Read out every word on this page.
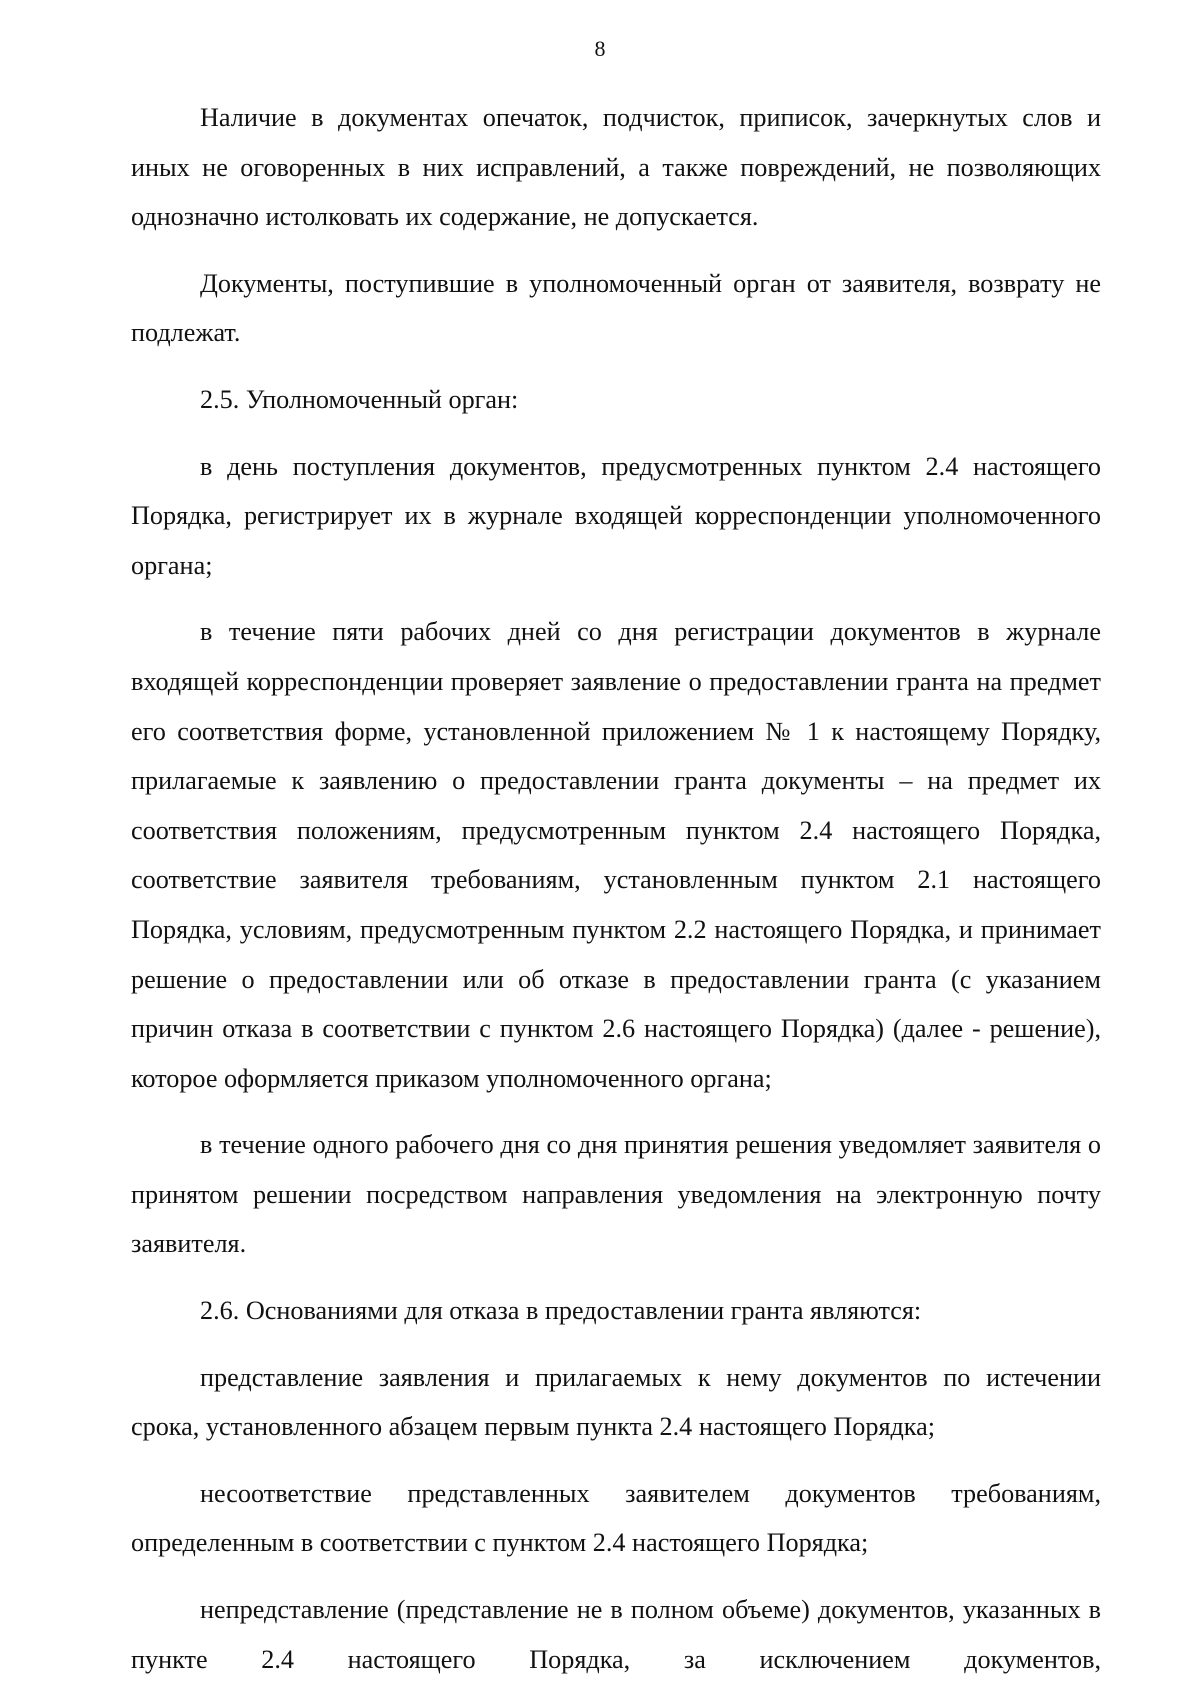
8

Наличие в документах опечаток, подчисток, приписок, зачеркнутых слов и иных не оговоренных в них исправлений, а также повреждений, не позволяющих однозначно истолковать их содержание, не допускается.

Документы, поступившие в уполномоченный орган от заявителя, возврату не подлежат.

2.5. Уполномоченный орган:

в день поступления документов, предусмотренных пунктом 2.4 настоящего Порядка, регистрирует их в журнале входящей корреспонденции уполномоченного органа;

в течение пяти рабочих дней со дня регистрации документов в журнале входящей корреспонденции проверяет заявление о предоставлении гранта на предмет его соответствия форме, установленной приложением № 1 к настоящему Порядку, прилагаемые к заявлению о предоставлении гранта документы – на предмет их соответствия положениям, предусмотренным пунктом 2.4 настоящего Порядка, соответствие заявителя требованиям, установленным пунктом 2.1 настоящего Порядка, условиям, предусмотренным пунктом 2.2 настоящего Порядка, и принимает решение о предоставлении или об отказе в предоставлении гранта (с указанием причин отказа в соответствии с пунктом 2.6 настоящего Порядка) (далее - решение), которое оформляется приказом уполномоченного органа;

в течение одного рабочего дня со дня принятия решения уведомляет заявителя о принятом решении посредством направления уведомления на электронную почту заявителя.

2.6. Основаниями для отказа в предоставлении гранта являются:

представление заявления и прилагаемых к нему документов по истечении срока, установленного абзацем первым пункта 2.4 настоящего Порядка;

несоответствие представленных заявителем документов требованиям, определенным в соответствии с пунктом 2.4 настоящего Порядка;

непредставление (представление не в полном объеме) документов, указанных в пункте 2.4 настоящего Порядка, за исключением документов,
